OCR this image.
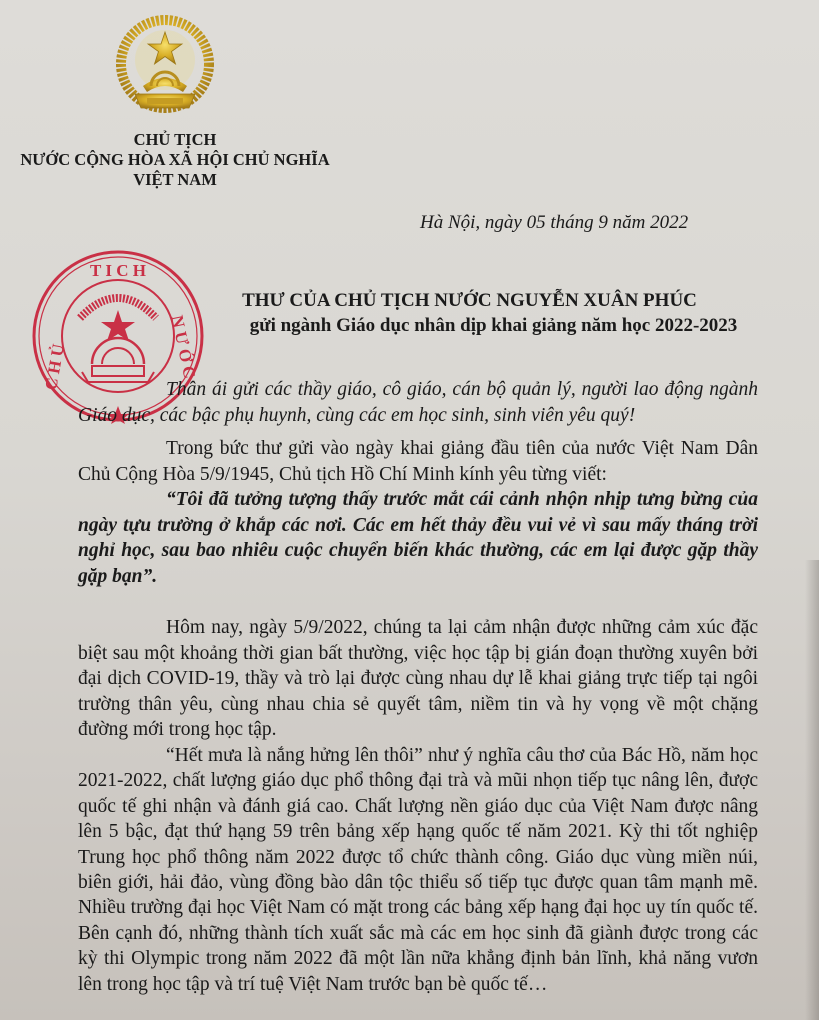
CHỦ TỊCH
NƯỚC CỘNG HÒA XÃ HỘI CHỦ NGHĨA
VIỆT NAM
Hà Nội, ngày 05 tháng 9 năm 2022
T I C H
C H Ủ	N Ư Ớ C
THƯ CỦA CHỦ TỊCH NƯỚC NGUYỄN XUÂN PHÚC
gửi ngành Giáo dục nhân dịp khai giảng năm học 2022-2023
Thân ái gửi các thầy giáo, cô giáo, cán bộ quản lý, người lao động ngành Giáo dục, các bậc phụ huynh, cùng các em học sinh, sinh viên yêu quý!
Trong bức thư gửi vào ngày khai giảng đầu tiên của nước Việt Nam Dân Chủ Cộng Hòa 5/9/1945, Chủ tịch Hồ Chí Minh kính yêu từng viết:
“Tôi đã tưởng tượng thấy trước mắt cái cảnh nhộn nhịp tưng bừng của ngày tựu trường ở khắp các nơi. Các em hết thảy đều vui vẻ vì sau mấy tháng trời nghỉ học, sau bao nhiêu cuộc chuyển biến khác thường, các em lại được gặp thầy gặp bạn”.
Hôm nay, ngày 5/9/2022, chúng ta lại cảm nhận được những cảm xúc đặc biệt sau một khoảng thời gian bất thường, việc học tập bị gián đoạn thường xuyên bởi đại dịch COVID-19, thầy và trò lại được cùng nhau dự lễ khai giảng trực tiếp tại ngôi trường thân yêu, cùng nhau chia sẻ quyết tâm, niềm tin và hy vọng về một chặng đường mới trong học tập.
“Hết mưa là nắng hửng lên thôi” như ý nghĩa câu thơ của Bác Hồ, năm học 2021-2022, chất lượng giáo dục phổ thông đại trà và mũi nhọn tiếp tục nâng lên, được quốc tế ghi nhận và đánh giá cao. Chất lượng nền giáo dục của Việt Nam được nâng lên 5 bậc, đạt thứ hạng 59 trên bảng xếp hạng quốc tế năm 2021. Kỳ thi tốt nghiệp Trung học phổ thông năm 2022 được tổ chức thành công. Giáo dục vùng miền núi, biên giới, hải đảo, vùng đồng bào dân tộc thiểu số tiếp tục được quan tâm mạnh mẽ. Nhiều trường đại học Việt Nam có mặt trong các bảng xếp hạng đại học uy tín quốc tế. Bên cạnh đó, những thành tích xuất sắc mà các em học sinh đã giành được trong các kỳ thi Olympic trong năm 2022 đã một lần nữa khẳng định bản lĩnh, khả năng vươn lên trong học tập và trí tuệ Việt Nam trước bạn bè quốc tế…
